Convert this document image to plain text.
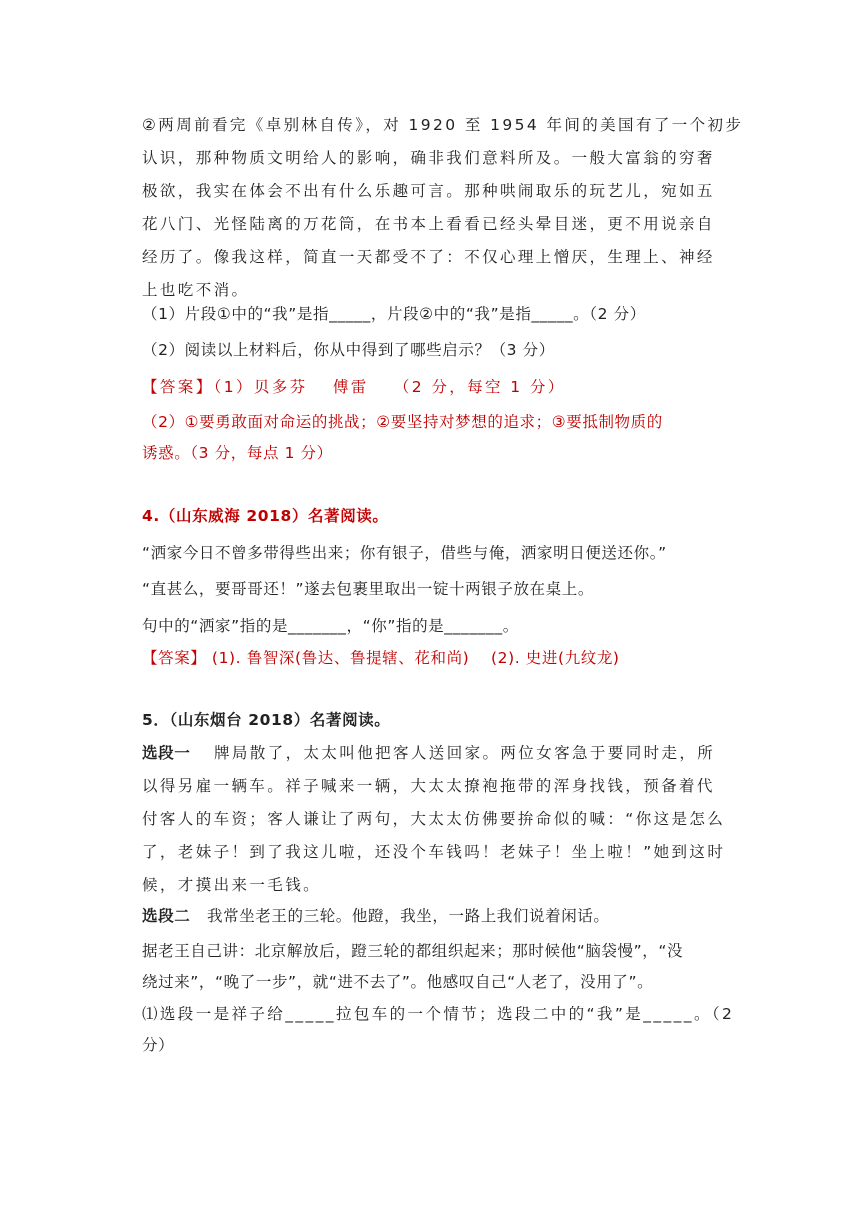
②两周前看完《卓别林自传》，对 1920 至 1954 年间的美国有了一个初步
认识，那种物质文明给人的影响，确非我们意料所及。一般大富翁的穷奢
极欲，我实在体会不出有什么乐趣可言。那种哄闹取乐的玩艺儿，宛如五
花八门、光怪陆离的万花筒，在书本上看看已经头晕目迷，更不用说亲自
经历了。像我这样，简直一天都受不了：不仅心理上憎厌，生理上、神经
上也吃不消。
（1）片段①中的“我”是指_____，片段②中的“我”是指_____。（2 分）
（2）阅读以上材料后，你从中得到了哪些启示？（3 分）
【答案】（1）贝多芬　 傅雷　 （2 分，每空 1 分）
（2）①要勇敢面对命运的挑战；②要坚持对梦想的追求；③要抵制物质的
诱惑。（3 分，每点 1 分）
4.（山东威海 2018）名著阅读。
“洒家今日不曾多带得些出来；你有银子，借些与俺，洒家明日便送还你。”
“直甚么，要哥哥还！”遂去包裹里取出一锭十两银子放在桌上。
句中的“洒家”指的是_______，“你”指的是_______。
【答案】 (1). 鲁智深(鲁达、鲁提辖、花和尚)　 (2). 史进(九纹龙)
5．（山东烟台 2018）名著阅读。
选段一 牌局散了，太太叫他把客人送回家。两位女客急于要同时走，所
以得另雇一辆车。祥子喊来一辆，大太太撩袍拖带的浑身找钱，预备着代
付客人的车资；客人谦让了两句，大太太仿佛要拚命似的喊：“你这是怎么
了，老妹子！到了我这儿啦，还没个车钱吗！老妹子！坐上啦！”她到这时
候，才摸出来一毛钱。
选段二 我常坐老王的三轮。他蹬，我坐，一路上我们说着闲话。
据老王自己讲：北京解放后，蹬三轮的都组织起来；那时候他“脑袋慢”，“没
绕过来”，“晚了一步”，就“进不去了”。他感叹自己“人老了，没用了”。
⑴选段一是祥子给_____拉包车的一个情节；选段二中的“我”是_____。（2
分）
